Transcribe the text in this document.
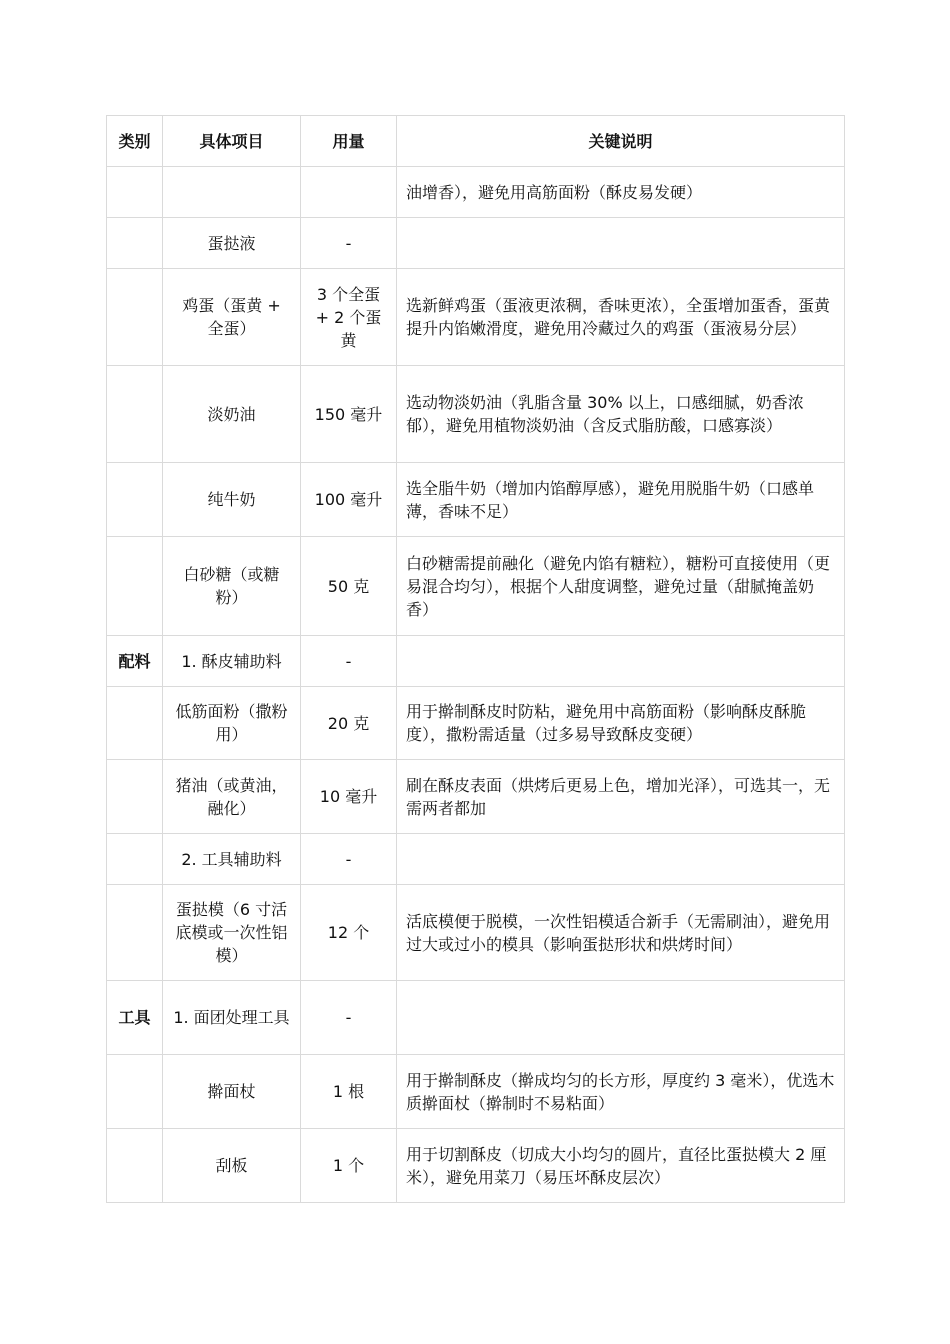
类别	具体项目	用量	关键说明
			油增香），避免用高筋面粉（酥皮易发硬）
	蛋挞液	-	
	鸡蛋（蛋黄 + 全蛋）	3 个全蛋 + 2 个蛋黄	选新鲜鸡蛋（蛋液更浓稠，香味更浓），全蛋增加蛋香，蛋黄提升内馅嫩滑度，避免用冷藏过久的鸡蛋（蛋液易分层）
	淡奶油	150 毫升	选动物淡奶油（乳脂含量 30% 以上，口感细腻，奶香浓郁），避免用植物淡奶油（含反式脂肪酸，口感寡淡）
	纯牛奶	100 毫升	选全脂牛奶（增加内馅醇厚感），避免用脱脂牛奶（口感单薄，香味不足）
	白砂糖（或糖粉）	50 克	白砂糖需提前融化（避免内馅有糖粒），糖粉可直接使用（更易混合均匀），根据个人甜度调整，避免过量（甜腻掩盖奶香）
配料	1. 酥皮辅助料	-	
	低筋面粉（撒粉用）	20 克	用于擀制酥皮时防粘，避免用中高筋面粉（影响酥皮酥脆度），撒粉需适量（过多易导致酥皮变硬）
	猪油（或黄油，融化）	10 毫升	刷在酥皮表面（烘烤后更易上色，增加光泽），可选其一，无需两者都加
	2. 工具辅助料	-	
	蛋挞模（6 寸活底模或一次性铝模）	12 个	活底模便于脱模，一次性铝模适合新手（无需刷油），避免用过大或过小的模具（影响蛋挞形状和烘烤时间）
工具	1. 面团处理工具	-	
	擀面杖	1 根	用于擀制酥皮（擀成均匀的长方形，厚度约 3 毫米），优选木质擀面杖（擀制时不易粘面）
	刮板	1 个	用于切割酥皮（切成大小均匀的圆片，直径比蛋挞模大 2 厘米），避免用菜刀（易压坏酥皮层次）
